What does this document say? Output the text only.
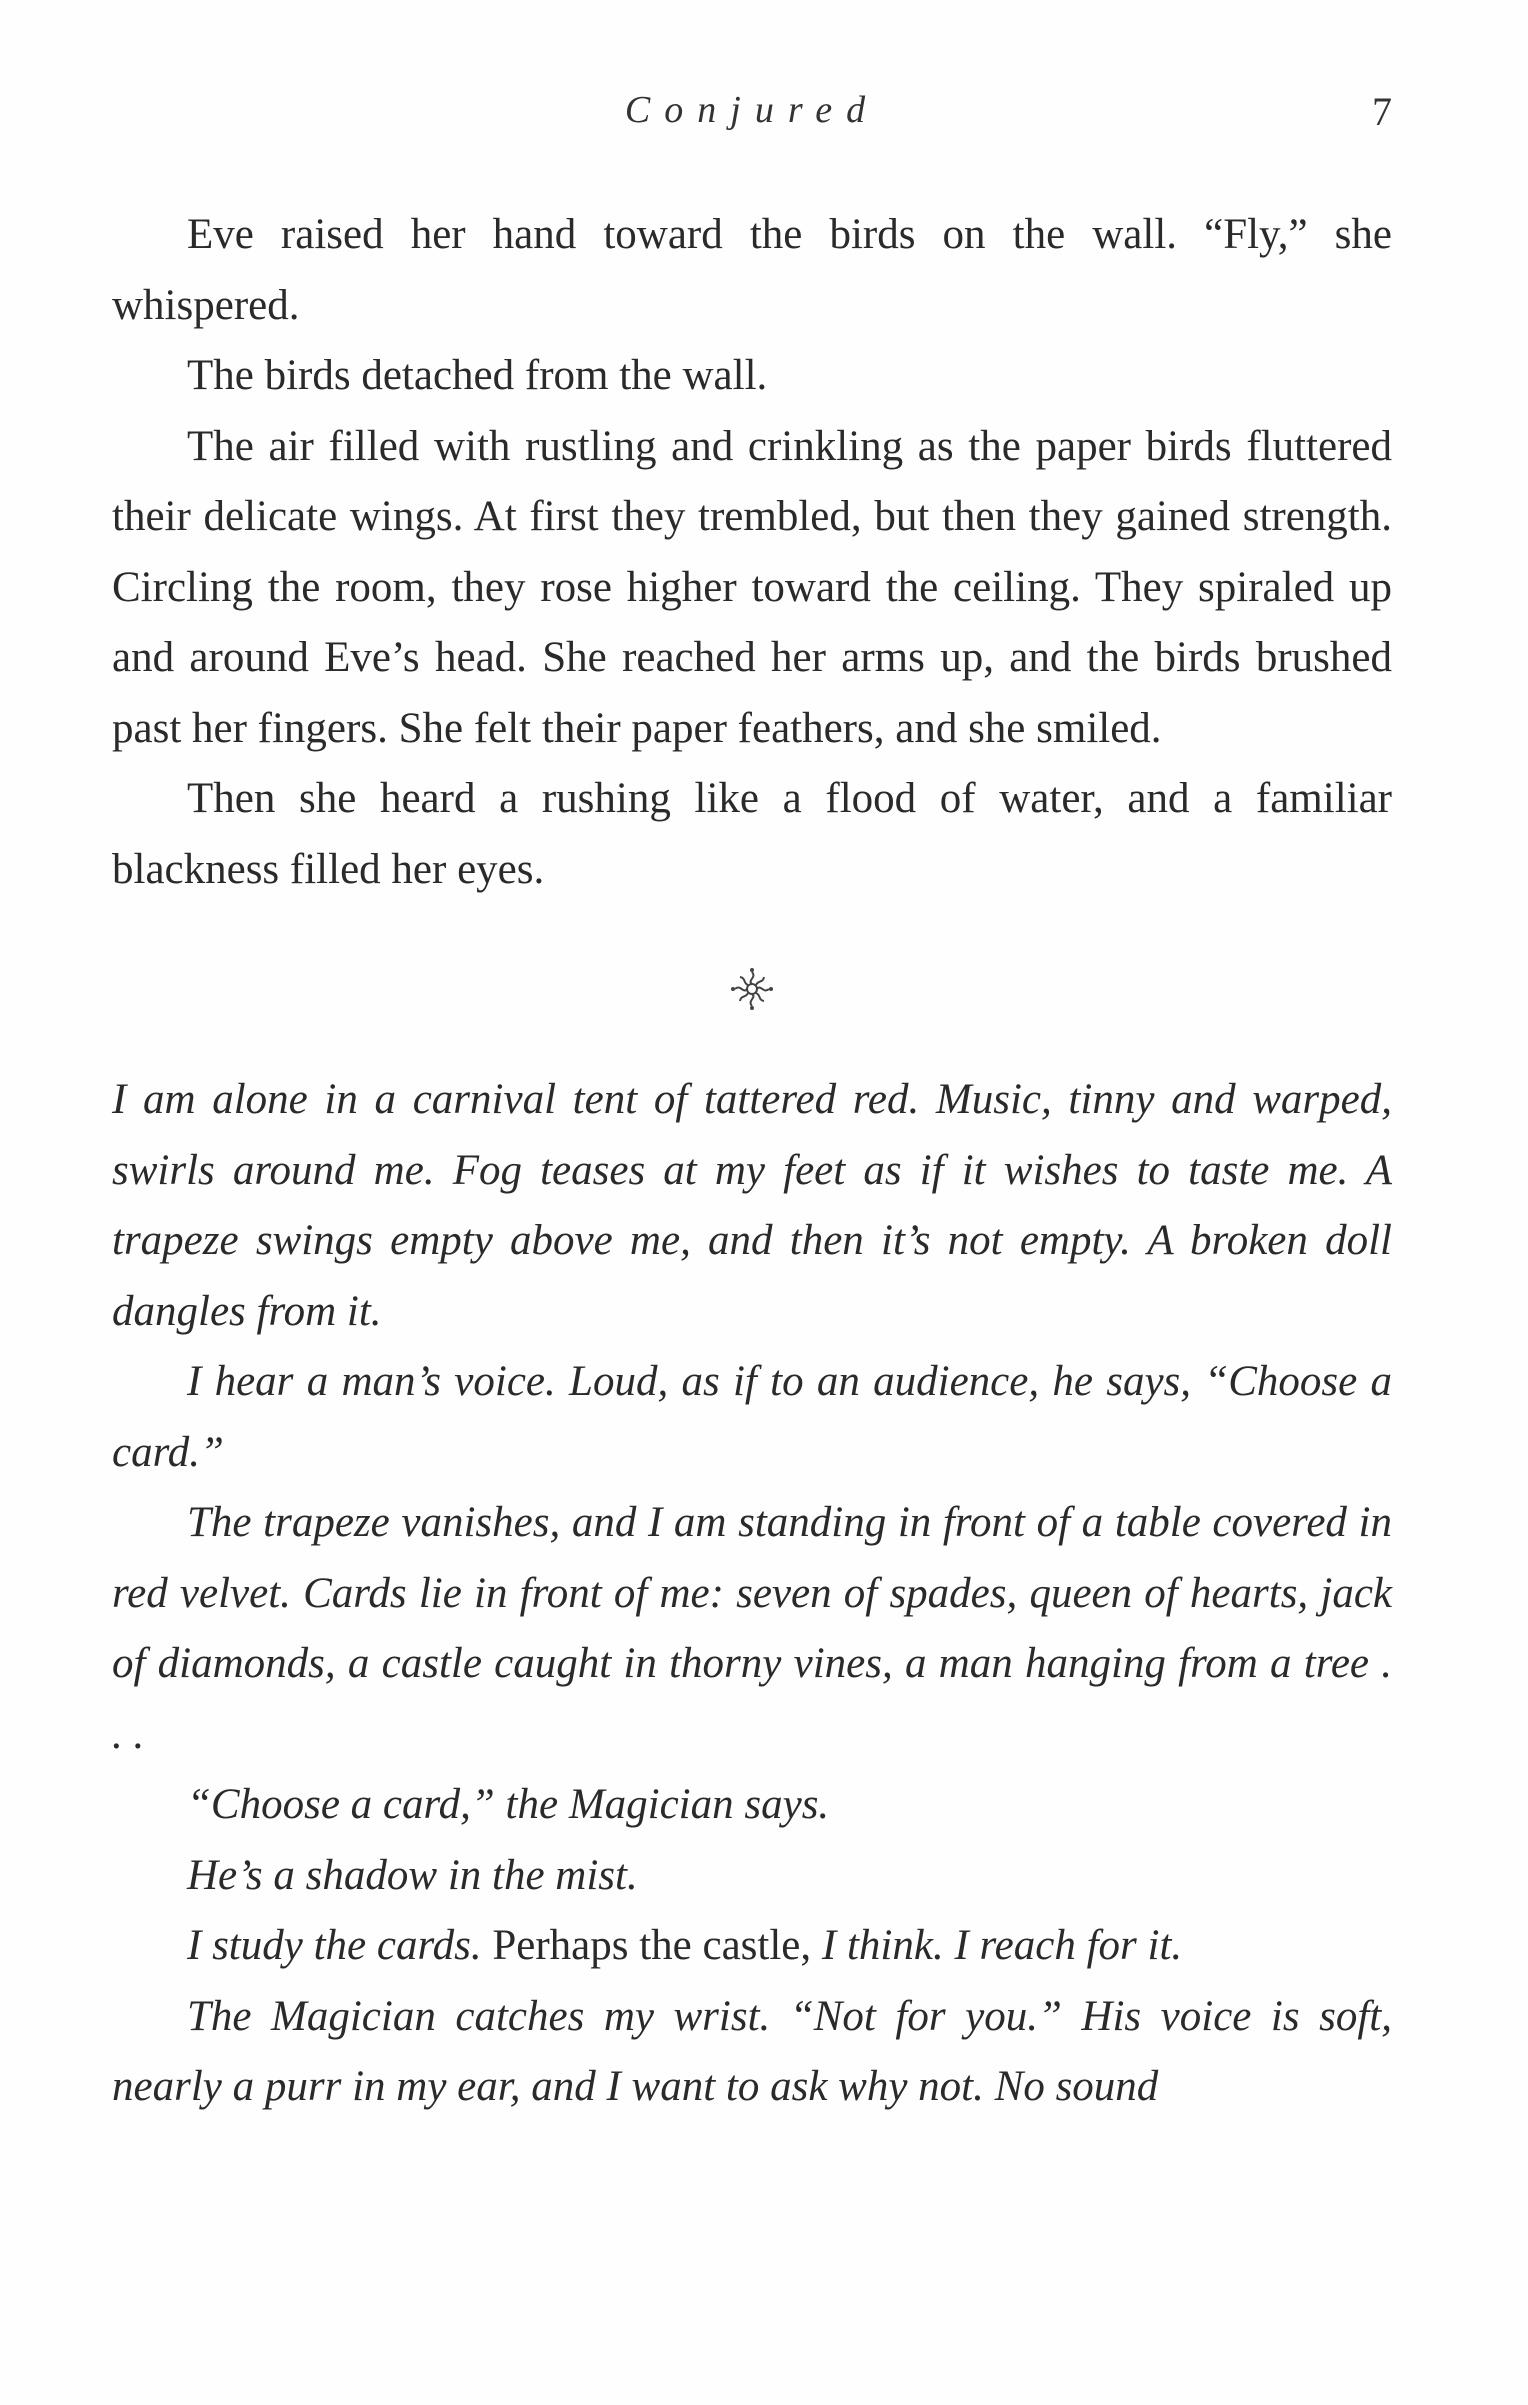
Conjured	7

Eve raised her hand toward the birds on the wall. “Fly,” she whispered.

The birds detached from the wall.

The air filled with rustling and crinkling as the paper birds fluttered their delicate wings. At first they trembled, but then they gained strength. Circling the room, they rose higher toward the ceiling. They spiraled up and around Eve’s head. She reached her arms up, and the birds brushed past her fingers. She felt their paper feathers, and she smiled.

Then she heard a rushing like a flood of water, and a familiar blackness filled her eyes.

I am alone in a carnival tent of tattered red. Music, tinny and warped, swirls around me. Fog teases at my feet as if it wishes to taste me. A trapeze swings empty above me, and then it’s not empty. A broken doll dangles from it.

I hear a man’s voice. Loud, as if to an audience, he says, “Choose a card.”

The trapeze vanishes, and I am standing in front of a table covered in red velvet. Cards lie in front of me: seven of spades, queen of hearts, jack of diamonds, a castle caught in thorny vines, a man hanging from a tree . . .

“Choose a card,” the Magician says.

He’s a shadow in the mist.

I study the cards. Perhaps the castle, I think. I reach for it.

The Magician catches my wrist. “Not for you.” His voice is soft, nearly a purr in my ear, and I want to ask why not. No sound
